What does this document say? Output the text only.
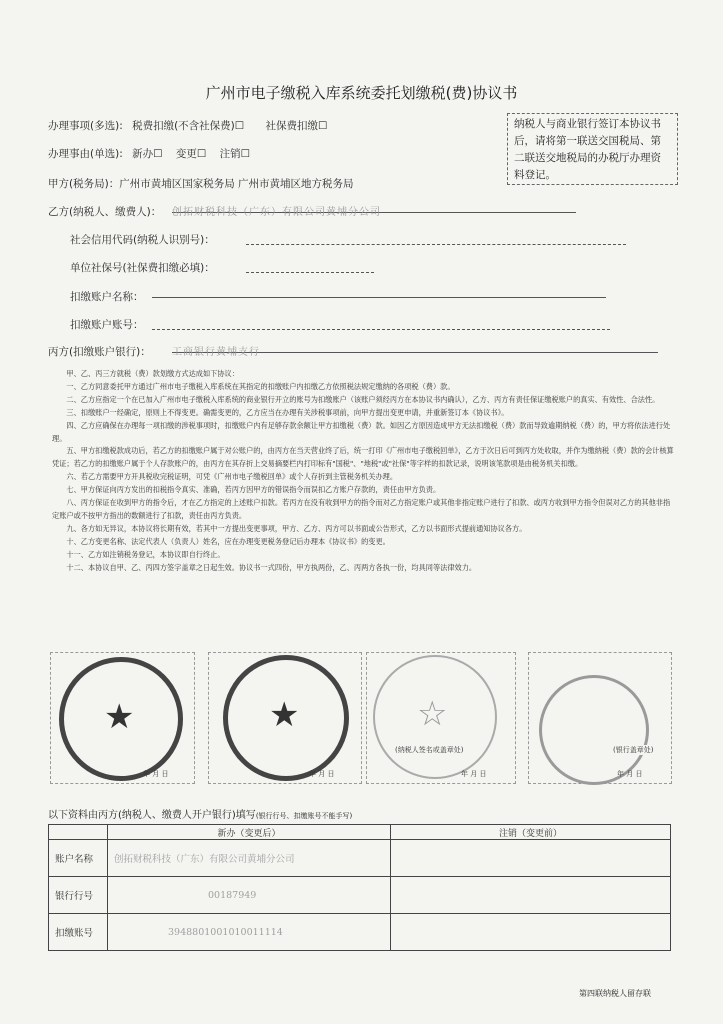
广州市电子缴税入库系统委托划缴税(费)协议书
办理事项(多选): 税费扣缴(不含社保费)☐ 社保费扣缴☐
办理事由(单选): 新办☐ 变更☐ 注销☐
纳税人与商业银行签订本协议书后，请将第一联送交国税局、第二联送交地税局的办税厅办理资料登记。
甲方(税务局)：广州市黄埔区国家税务局 广州市黄埔区地方税务局
乙方(纳税人、缴费人)： 创拓财税科技（广东）有限公司黄埔分公司
社会信用代码(纳税人识别号)：
单位社保号(社保费扣缴必填)：
扣缴账户名称：
扣缴账户账号：
丙方(扣缴账户银行)： 工商银行黄埔支行

甲、乙、丙三方就税（费）款划缴方式达成如下协议：

一、乙方同意委托甲方通过广州市电子缴税入库系统在其指定的扣缴账户内扣缴乙方依照税法规定缴纳的各项税（费）款。

二、乙方应指定一个在已加入广州市电子缴税入库系统的商业银行开立的账号为扣缴账户（该账户须经丙方在本协议书内确认），乙方、丙方有责任保证缴税账户的真实、有效性、合法性。

三、扣缴账户一经确定，原则上不得变更。确需变更的，乙方应当在办理有关涉税事项前，向甲方提出变更申请，并重新签订本《协议书》。

四、乙方应确保在办理每一项扣缴的涉税事项时，扣缴账户内有足够存款余额让甲方扣缴税（费）款。如因乙方原因造成甲方无法扣缴税（费）款而导致逾期纳税（费）的，甲方将依法进行处理。

五、甲方扣缴税款成功后，若乙方的扣缴账户属于对公账户的，由丙方在当天营业终了后，统一打印《广州市电子缴税回单》，乙方于次日后可到丙方处收取，并作为缴纳税（费）款的会计核算凭证；若乙方的扣缴账户属于个人存款账户的，由丙方在其存折上交易摘要栏内打印标有"国税"、"地税"或"社保"等字样的扣款记录，说明该笔款项是由税务机关扣缴。

六、若乙方需要甲方开具税收完税证明，可凭《广州市电子缴税回单》或个人存折到主管税务机关办理。

七、甲方保证向丙方发出的扣税指令真实、准确，若丙方因甲方的错误指令而误扣乙方账户存款的，责任由甲方负责。

八、丙方保证在收到甲方的指令后，才在乙方指定的上述账户扣款。若丙方在没有收到甲方的指令而对乙方指定账户或其他非指定账户进行了扣款、或丙方收到甲方指令但误对乙方的其他非指定账户或不按甲方指出的数额进行了扣款，责任由丙方负责。

九、各方如无异议，本协议将长期有效，若其中一方提出变更事项，甲方、乙方、丙方可以书面或公告形式，乙方以书面形式提前通知协议各方。

十、乙方变更名称、法定代表人（负责人）姓名，应在办理变更税务登记后办理本《协议书》的变更。

十一、乙方如注销税务登记，本协议即自行终止。

十二、本协议自甲、乙、丙四方签字盖章之日起生效。协议书一式四份，甲方执两份，乙、丙两方各执一份，均具同等法律效力。

★
年 月 日
★
年 月 日
☆
(纳税人签名或盖章处)
年 月 日
(银行盖章处)
年 月 日
以下资料由丙方(纳税人、缴费人开户银行)填写(银行行号、扣缴账号不能手写)
	新办（变更后）	注销（变更前）
账户名称	创拓财税科技（广东）有限公司黄埔分公司	
银行行号	00187949	
扣缴账号	3948801001010011114	
第四联纳税人留存联
